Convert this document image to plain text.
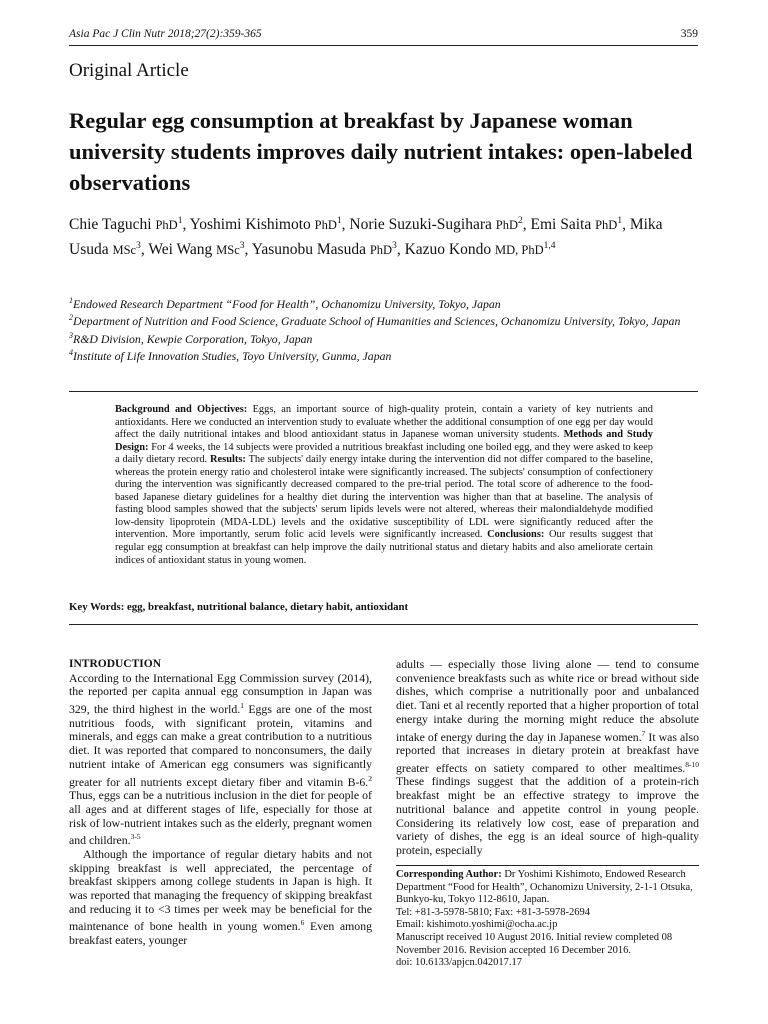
Asia Pac J Clin Nutr 2018;27(2):359-365	359
Original Article
Regular egg consumption at breakfast by Japanese woman university students improves daily nutrient intakes: open-labeled observations
Chie Taguchi PhD$^1$, Yoshimi Kishimoto PhD$^1$, Norie Suzuki-Sugihara PhD$^2$, Emi Saita PhD$^1$, Mika Usuda MSc$^3$, Wei Wang MSc$^3$, Yasunobu Masuda PhD$^3$, Kazuo Kondo MD, PhD$^{1,4}$
$^1$Endowed Research Department “Food for Health”, Ochanomizu University, Tokyo, Japan
$^2$Department of Nutrition and Food Science, Graduate School of Humanities and Sciences, Ochanomizu University, Tokyo, Japan
$^3$R&D Division, Kewpie Corporation, Tokyo, Japan
$^4$Institute of Life Innovation Studies, Toyo University, Gunma, Japan
Background and Objectives: Eggs, an important source of high-quality protein, contain a variety of key nutrients and antioxidants. Here we conducted an intervention study to evaluate whether the additional consumption of one egg per day would affect the daily nutritional intakes and blood antioxidant status in Japanese woman university students. Methods and Study Design: For 4 weeks, the 14 subjects were provided a nutritious breakfast including one boiled egg, and they were asked to keep a daily dietary record. Results: The subjects' daily energy intake during the intervention did not differ compared to the baseline, whereas the protein energy ratio and cholesterol intake were significantly increased. The subjects' consumption of confectionery during the intervention was significantly decreased compared to the pre-trial period. The total score of adherence to the food-based Japanese dietary guidelines for a healthy diet during the intervention was higher than that at baseline. The analysis of fasting blood samples showed that the subjects' serum lipids levels were not altered, whereas their malondialdehyde modified low-density lipoprotein (MDA-LDL) levels and the oxidative susceptibility of LDL were significantly reduced after the intervention. More importantly, serum folic acid levels were significantly increased. Conclusions: Our results suggest that regular egg consumption at breakfast can help improve the daily nutritional status and dietary habits and also ameliorate certain indices of antioxidant status in young women.
Key Words: egg, breakfast, nutritional balance, dietary habit, antioxidant
INTRODUCTION

According to the International Egg Commission survey (2014), the reported per capita annual egg consumption in Japan was 329, the third highest in the world.$^1$ Eggs are one of the most nutritious foods, with significant protein, vitamins and minerals, and eggs can make a great contribution to a nutritious diet. It was reported that compared to nonconsumers, the daily nutrient intake of American egg consumers was significantly greater for all nutrients except dietary fiber and vitamin B-6.$^2$ Thus, eggs can be a nutritious inclusion in the diet for people of all ages and at different stages of life, especially for those at risk of low-nutrient intakes such as the elderly, pregnant women and children.$^{3-5}$

Although the importance of regular dietary habits and not skipping breakfast is well appreciated, the percentage of breakfast skippers among college students in Japan is high. It was reported that managing the frequency of skipping breakfast and reducing it to <3 times per week may be beneficial for the maintenance of bone health in young women.$^6$ Even among breakfast eaters, younger

adults — especially those living alone — tend to consume convenience breakfasts such as white rice or bread without side dishes, which comprise a nutritionally poor and unbalanced diet. Tani et al recently reported that a higher proportion of total energy intake during the morning might reduce the absolute intake of energy during the day in Japanese women.$^7$ It was also reported that increases in dietary protein at breakfast have greater effects on satiety compared to other mealtimes.$^{8-10}$ These findings suggest that the addition of a protein-rich breakfast might be an effective strategy to improve the nutritional balance and appetite control in young people. Considering its relatively low cost, ease of preparation and variety of dishes, the egg is an ideal source of high-quality protein, especially

Corresponding Author: Dr Yoshimi Kishimoto, Endowed Research Department “Food for Health”, Ochanomizu University, 2-1-1 Otsuka, Bunkyo-ku, Tokyo 112-8610, Japan.
Tel: +81-3-5978-5810; Fax: +81-3-5978-2694
Email: kishimoto.yoshimi@ocha.ac.jp
Manuscript received 10 August 2016. Initial review completed 08 November 2016. Revision accepted 16 December 2016.
doi: 10.6133/apjcn.042017.17
